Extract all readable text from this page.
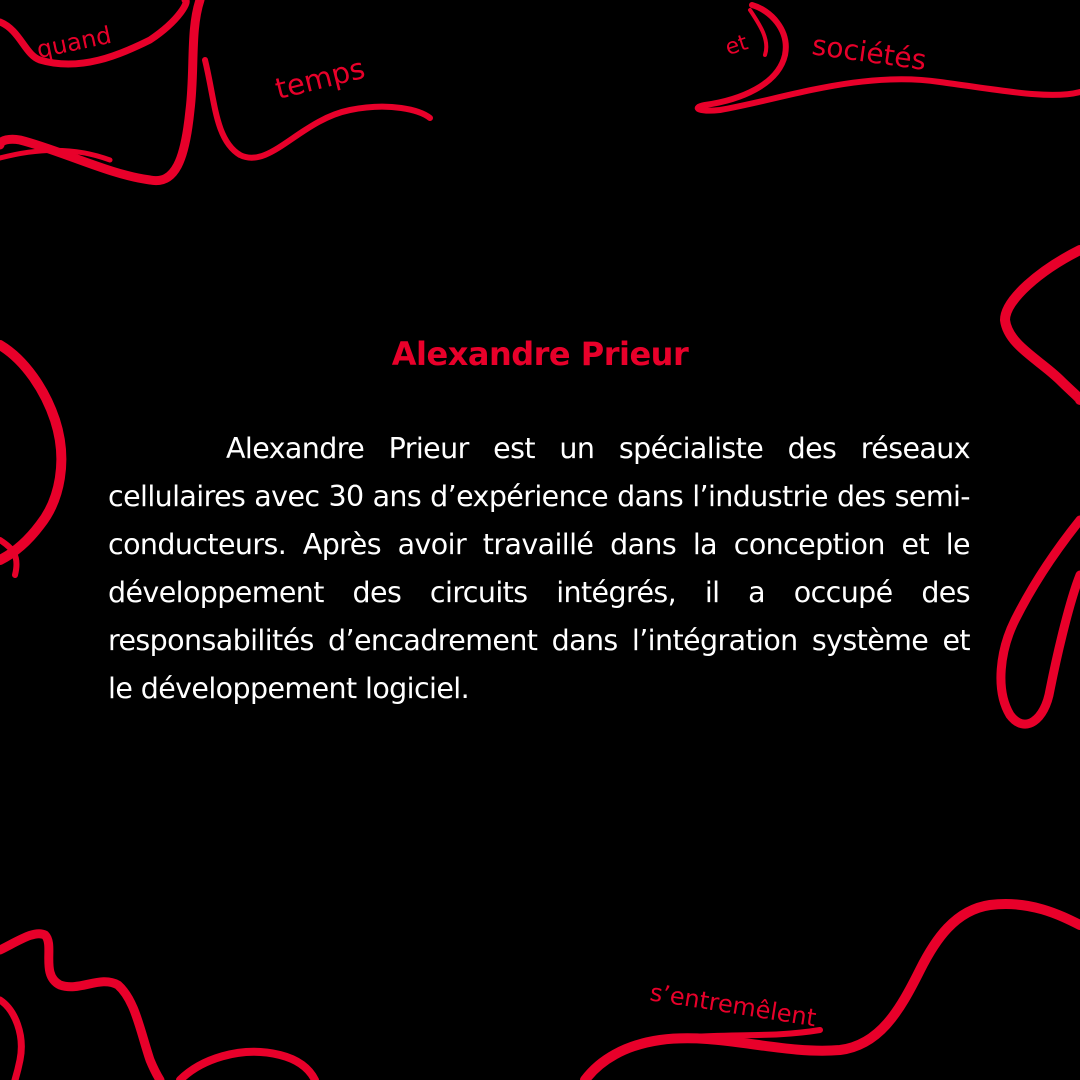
quand
temps
et sociétés
s’entremêlent
Alexandre Prieur

Alexandre Prieur est un spécialiste des réseaux cellulaires avec 30 ans d’expérience dans l’industrie des semi-conducteurs. Après avoir travaillé dans la conception et le développement des circuits intégrés, il a occupé des responsabilités d’encadrement dans l’intégration système et le développement logiciel.
